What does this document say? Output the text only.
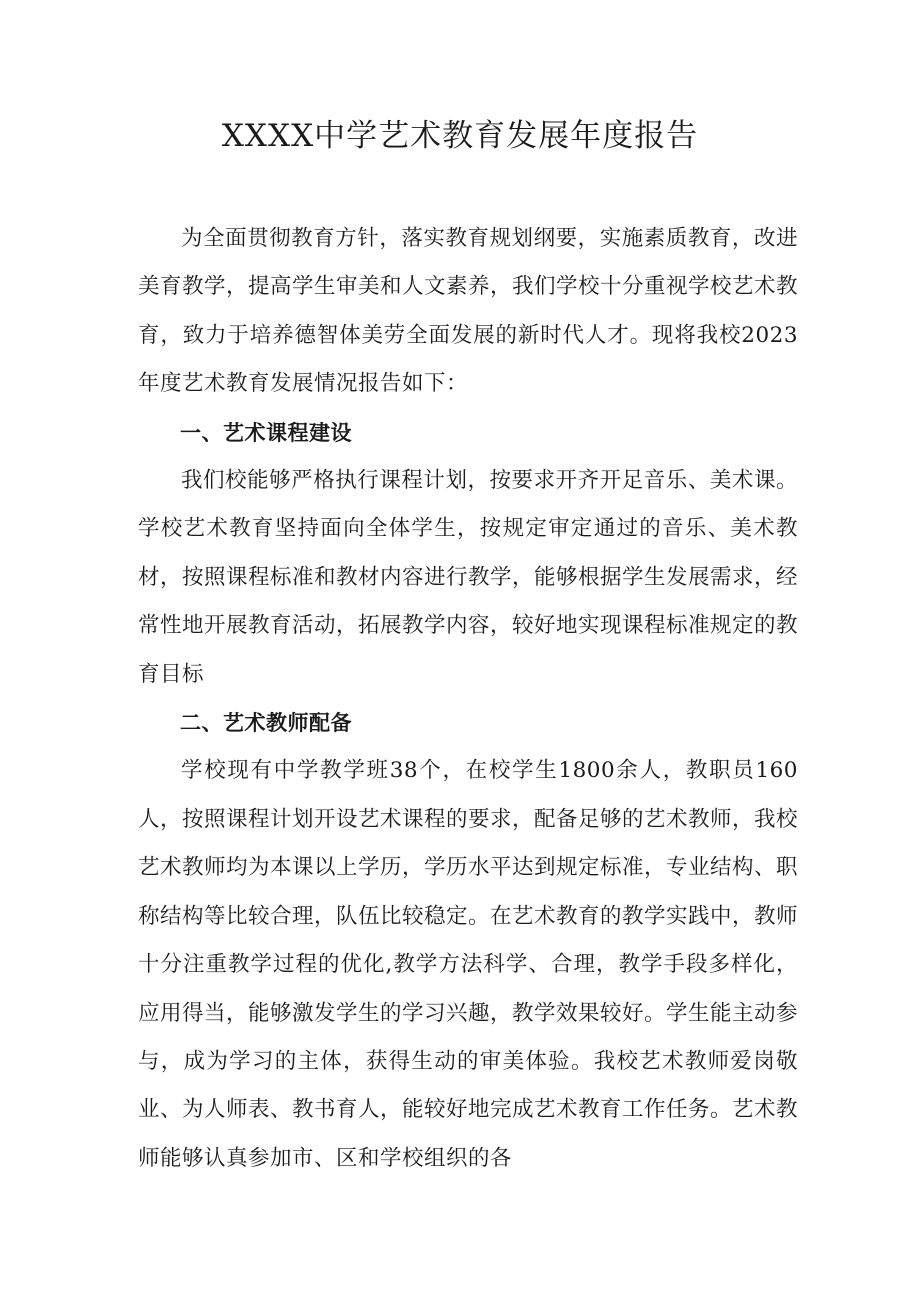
XXXX中学艺术教育发展年度报告

为全面贯彻教育方针，落实教育规划纲要，实施素质教育，改进美育教学，提高学生审美和人文素养，我们学校十分重视学校艺术教育，致力于培养德智体美劳全面发展的新时代人才。现将我校2023年度艺术教育发展情况报告如下：

一、艺术课程建设

我们校能够严格执行课程计划，按要求开齐开足音乐、美术课。学校艺术教育坚持面向全体学生，按规定审定通过的音乐、美术教材，按照课程标准和教材内容进行教学，能够根据学生发展需求，经常性地开展教育活动，拓展教学内容，较好地实现课程标准规定的教育目标

二、艺术教师配备

学校现有中学教学班38个，在校学生1800余人，教职员160人，按照课程计划开设艺术课程的要求，配备足够的艺术教师，我校艺术教师均为本课以上学历，学历水平达到规定标准，专业结构、职称结构等比较合理，队伍比较稳定。在艺术教育的教学实践中，教师十分注重教学过程的优化,教学方法科学、合理，教学手段多样化，应用得当，能够激发学生的学习兴趣，教学效果较好。学生能主动参与，成为学习的主体，获得生动的审美体验。我校艺术教师爱岗敬业、为人师表、教书育人，能较好地完成艺术教育工作任务。艺术教师能够认真参加市、区和学校组织的各
